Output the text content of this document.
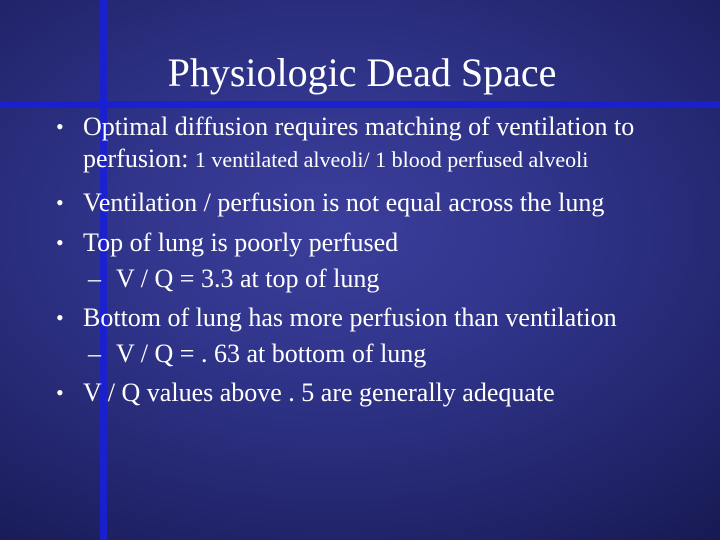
Physiologic Dead Space
• Optimal diffusion requires matching of ventilation to
perfusion: 1 ventilated alveoli/ 1 blood perfused alveoli
• Ventilation / perfusion is not equal across the lung
• Top of lung is poorly perfused
– V / Q = 3.3 at top of lung
• Bottom of lung has more perfusion than ventilation
– V / Q = . 63 at bottom of lung
• V / Q values above . 5 are generally adequate
